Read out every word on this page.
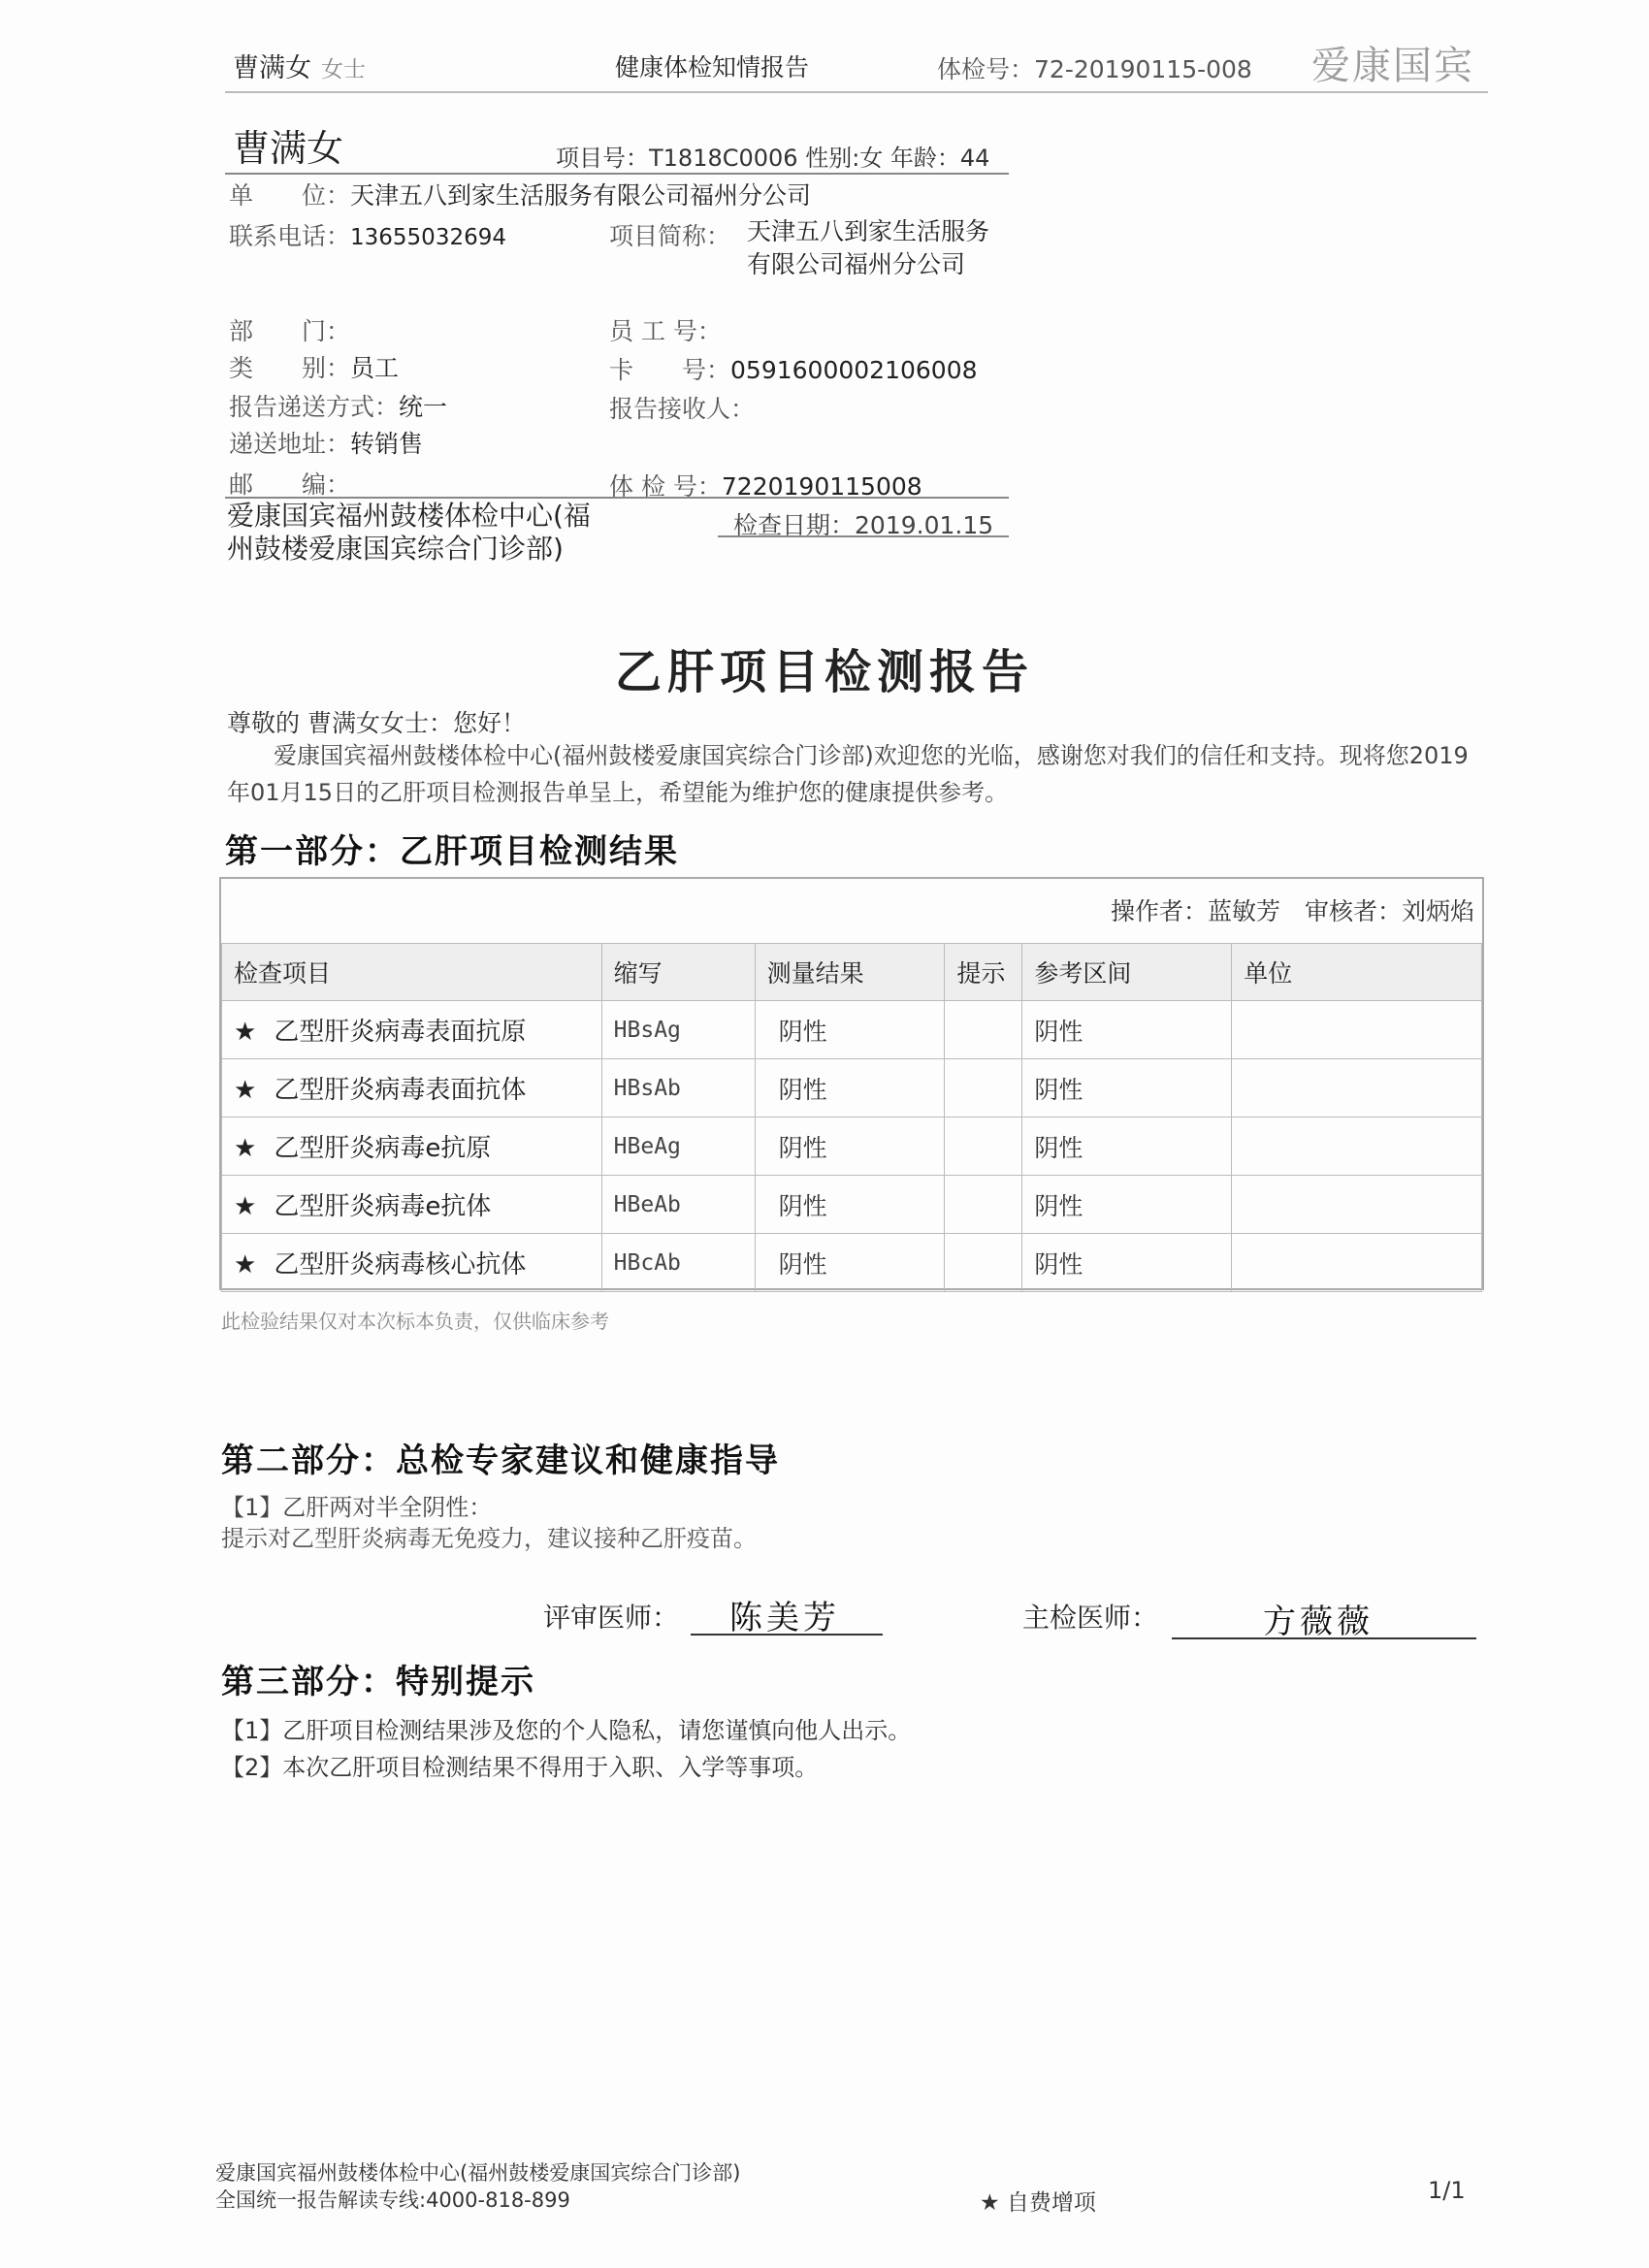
曹满女 女士	健康体检知情报告	体检号：72-20190115-008 爱康国宾
曹满女	项目号：T1818C0006 性别:女 年龄：44
单　　位：天津五八到家生活服务有限公司福州分公司
联系电话：13655032694	项目简称： 天津五八到家生活服务有限公司福州分公司
部　　门：	员 工 号：
类　　别：员工	卡　　号：0591600002106008
报告递送方式：统一	报告接收人：
递送地址：转销售
邮　　编：	体 检 号：7220190115008
爱康国宾福州鼓楼体检中心(福州鼓楼爱康国宾综合门诊部)
检查日期：2019.01.15
乙肝项目检测报告
尊敬的 曹满女女士：您好！
爱康国宾福州鼓楼体检中心(福州鼓楼爱康国宾综合门诊部)欢迎您的光临，感谢您对我们的信任和支持。现将您2019年01月15日的乙肝项目检测报告单呈上，希望能为维护您的健康提供参考。
第一部分：乙肝项目检测结果
操作者：蓝敏芳　审核者：刘炳焰
检查项目	缩写	测量结果	提示	参考区间	单位
★ 乙型肝炎病毒表面抗原	HBsAg	阴性		阴性	
★ 乙型肝炎病毒表面抗体	HBsAb	阴性		阴性	
★ 乙型肝炎病毒e抗原	HBeAg	阴性		阴性	
★ 乙型肝炎病毒e抗体	HBeAb	阴性		阴性	
★ 乙型肝炎病毒核心抗体	HBcAb	阴性		阴性	
此检验结果仅对本次标本负责，仅供临床参考
第二部分：总检专家建议和健康指导
【1】乙肝两对半全阴性：
提示对乙型肝炎病毒无免疫力，建议接种乙肝疫苗。
评审医师： 陈美芳	主检医师：	方薇薇
第三部分：特别提示
【1】乙肝项目检测结果涉及您的个人隐私，请您谨慎向他人出示。
【2】本次乙肝项目检测结果不得用于入职、入学等事项。
爱康国宾福州鼓楼体检中心(福州鼓楼爱康国宾综合门诊部)
全国统一报告解读专线:4000-818-899	★ 自费增项	1/1
